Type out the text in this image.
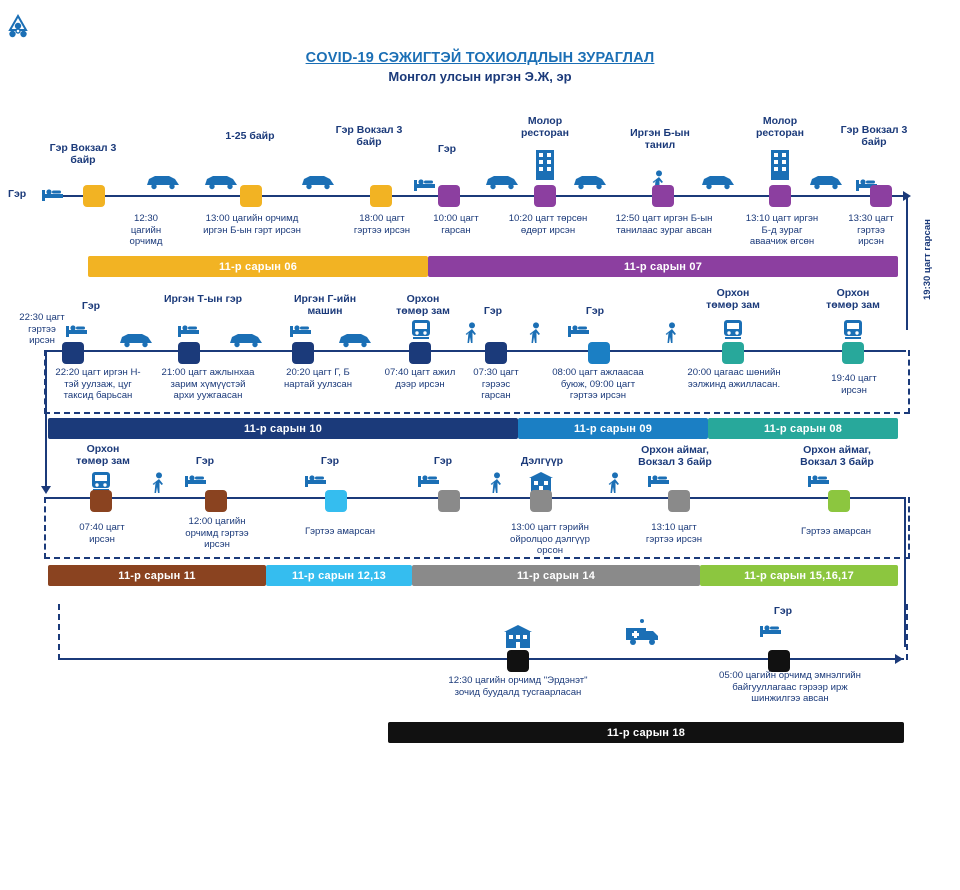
COVID-19 СЭЖИГТЭЙ ТОХИОЛДЛЫН ЗУРАГЛАЛ
Монгол улсын иргэн Э.Ж, эр
19:30 цагт гарсан
Гэр
Гэр Вокзал 3
байр
12:30
цагийн
орчимд
1-25 байр
13:00 цагийн орчимд
иргэн Б-ын гэрт ирсэн
Гэр Вокзал 3
байр
18:00 цагт
гэртээ ирсэн
Гэр
10:00 цагт
гарсан
Молор
ресторан
10:20 цагт төрсөн
өдөрт ирсэн
Иргэн Б-ын
танил
12:50 цагт иргэн Б-ын
танилаас зураг авсан
Молор
ресторан
13:10 цагт иргэн
Б-д зураг
аваачиж өгсөн
Гэр Вокзал 3
байр
13:30 цагт
гэртээ
ирсэн
11-р сарын 06	11-р сарын 07
Гэр
22:30 цагт
гэртээ
ирсэн
22:20 цагт иргэн Н-
тэй уулзаж, цуг
таксид барьсан
Иргэн Т-ын гэр
21:00 цагт ажлынхаа
зарим хүмүүстэй
архи уужгаасан
Иргэн Г-ийн
машин
20:20 цагт Г, Б
нартай уулзсан
Орхон
төмөр зам
07:40 цагт ажил
дээр ирсэн
Гэр
07:30 цагт
гэрээс
гарсан
Гэр
08:00 цагт ажлаасаа
буюж, 09:00 цагт
гэртээ ирсэн
Орхон
төмөр зам
20:00 цагаас шөнийн
ээлжинд ажилласан.
Орхон
төмөр зам
19:40 цагт
ирсэн
11-р сарын 10	11-р сарын 09	11-р сарын 08
Орхон
төмөр зам
07:40 цагт
ирсэн
Гэр
12:00 цагийн
орчимд гэртээ
ирсэн
Гэр
Гэртээ амарсан
Гэр	Дэлгүүр
13:00 цагт гэрийн
ойролцоо дэлгүүр
орсон
Орхон аймаг,
Вокзал 3 байр
13:10 цагт
гэртээ ирсэн
Орхон аймаг,
Вокзал 3 байр
Гэртээ амарсан
11-р сарын 11	11-р сарын 12,13	11-р сарын 14	11-р сарын 15,16,17
12:30 цагийн орчимд "Эрдэнэт"
зочид буудалд тусгаарласан
Гэр
05:00 цагийн орчимд эмнэлгийн
байгууллагаас гэрээр ирж
шинжилгээ авсан
11-р сарын 18
